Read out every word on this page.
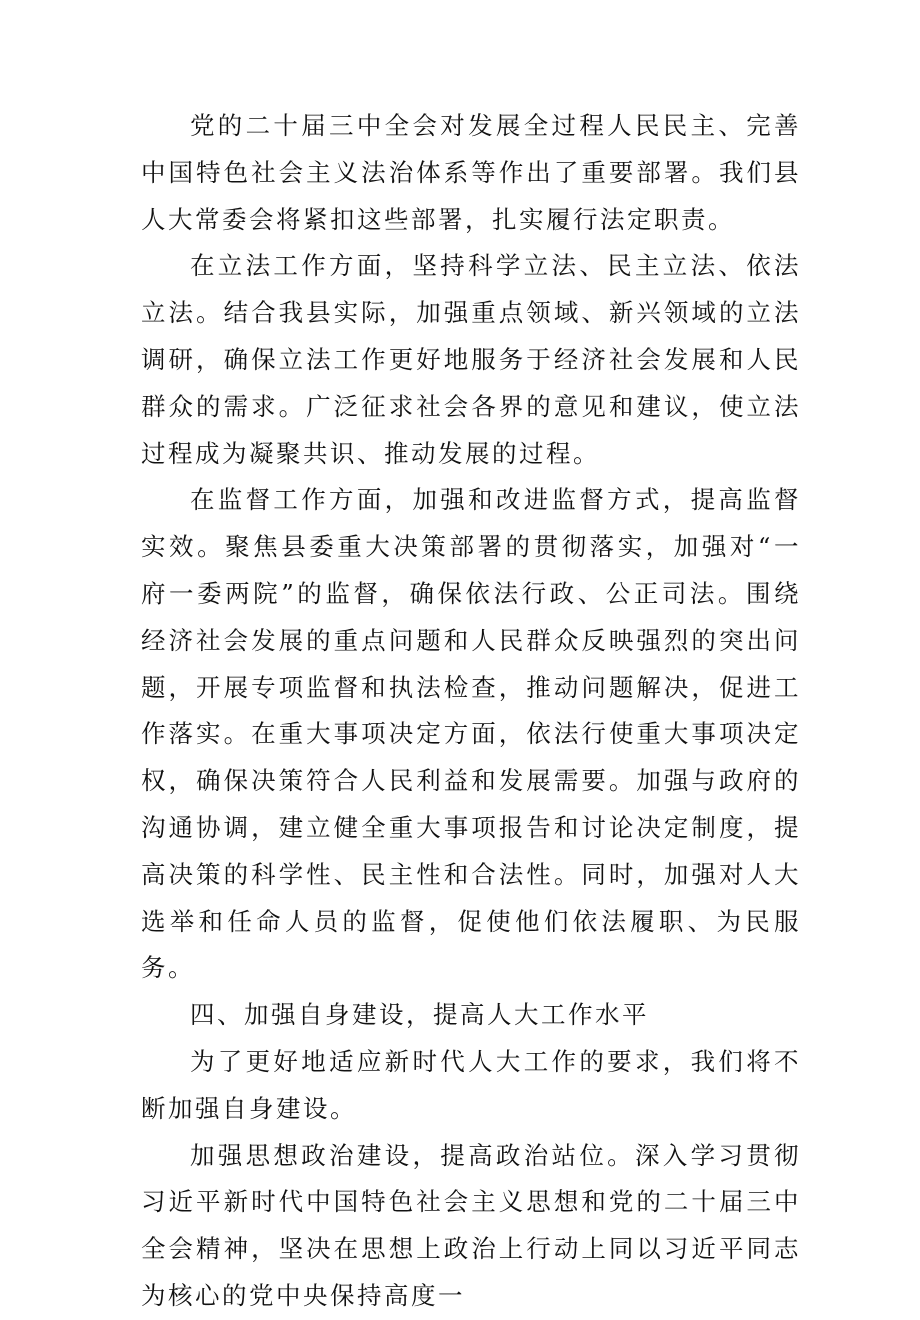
党的二十届三中全会对发展全过程人民民主、完善中国特色社会主义法治体系等作出了重要部署。我们县人大常委会将紧扣这些部署，扎实履行法定职责。

在立法工作方面，坚持科学立法、民主立法、依法立法。结合我县实际，加强重点领域、新兴领域的立法调研，确保立法工作更好地服务于经济社会发展和人民群众的需求。广泛征求社会各界的意见和建议，使立法过程成为凝聚共识、推动发展的过程。

在监督工作方面，加强和改进监督方式，提高监督实效。聚焦县委重大决策部署的贯彻落实，加强对“一府一委两院”的监督，确保依法行政、公正司法。围绕经济社会发展的重点问题和人民群众反映强烈的突出问题，开展专项监督和执法检查，推动问题解决，促进工作落实。在重大事项决定方面，依法行使重大事项决定权，确保决策符合人民利益和发展需要。加强与政府的沟通协调，建立健全重大事项报告和讨论决定制度，提高决策的科学性、民主性和合法性。同时，加强对人大选举和任命人员的监督，促使他们依法履职、为民服务。

四、加强自身建设，提高人大工作水平

为了更好地适应新时代人大工作的要求，我们将不断加强自身建设。

加强思想政治建设，提高政治站位。深入学习贯彻习近平新时代中国特色社会主义思想和党的二十届三中全会精神，坚决在思想上政治上行动上同以习近平同志为核心的党中央保持高度一
